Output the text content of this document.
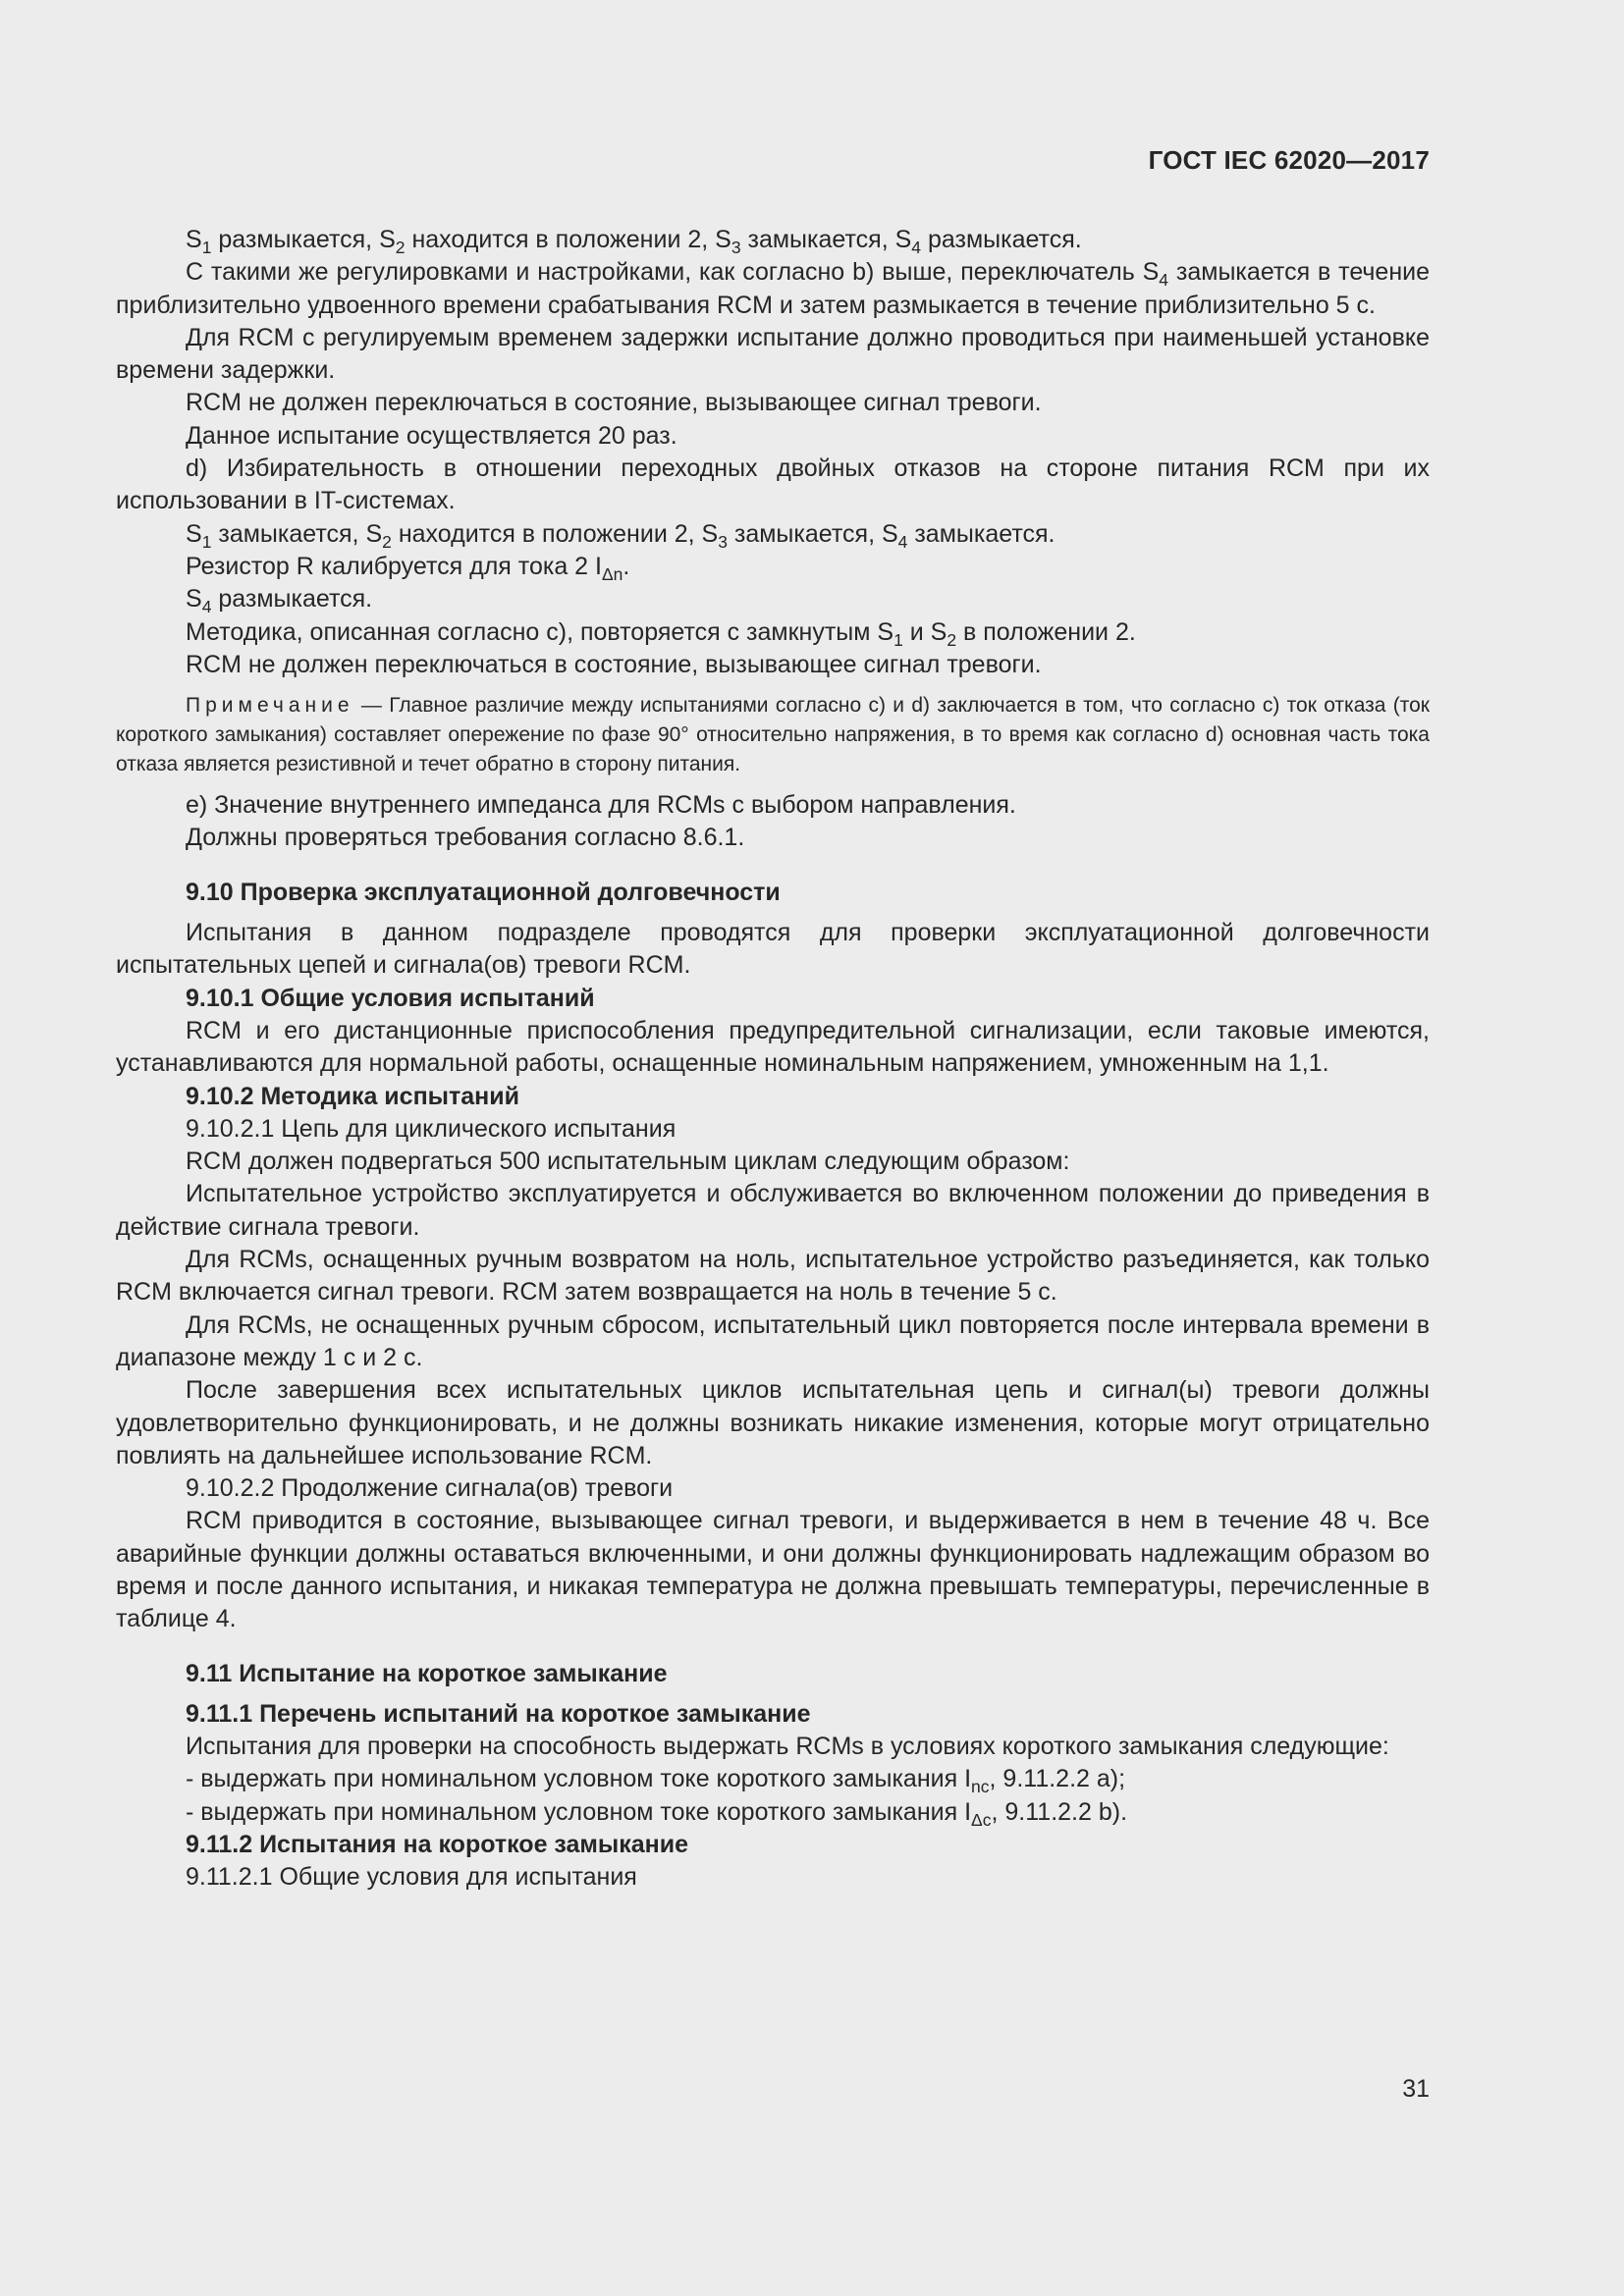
ГОСТ IEC 62020—2017

$S_1$ размыкается, $S_2$ находится в положении 2, $S_3$ замыкается, $S_4$ размыкается.

С такими же регулировками и настройками, как согласно b) выше, переключатель $S_4$ замыкается в течение приблизительно удвоенного времени срабатывания RCM и затем размыкается в течение приблизительно 5 с.

Для RCM с регулируемым временем задержки испытание должно проводиться при наименьшей установке времени задержки.

RCM не должен переключаться в состояние, вызывающее сигнал тревоги.

Данное испытание осуществляется 20 раз.

d) Избирательность в отношении переходных двойных отказов на стороне питания RCM при их использовании в IT-системах.

$S_1$ замыкается, $S_2$ находится в положении 2, $S_3$ замыкается, $S_4$ замыкается.

Резистор R калибруется для тока 2 $I_{\Delta n}$.

$S_4$ размыкается.

Методика, описанная согласно с), повторяется с замкнутым $S_1$ и $S_2$ в положении 2.

RCM не должен переключаться в состояние, вызывающее сигнал тревоги.

Примечание — Главное различие между испытаниями согласно с) и d) заключается в том, что согласно с) ток отказа (ток короткого замыкания) составляет опережение по фазе 90° относительно напряжения, в то время как согласно d) основная часть тока отказа является резистивной и течет обратно в сторону питания.

е) Значение внутреннего импеданса для RCMs с выбором направления.

Должны проверяться требования согласно 8.6.1.

9.10 Проверка эксплуатационной долговечности

Испытания в данном подразделе проводятся для проверки эксплуатационной долговечности испытательных цепей и сигнала(ов) тревоги RCM.

9.10.1 Общие условия испытаний

RCM и его дистанционные приспособления предупредительной сигнализации, если таковые имеются, устанавливаются для нормальной работы, оснащенные номинальным напряжением, умноженным на 1,1.

9.10.2 Методика испытаний

9.10.2.1 Цепь для циклического испытания

RCM должен подвергаться 500 испытательным циклам следующим образом:

Испытательное устройство эксплуатируется и обслуживается во включенном положении до приведения в действие сигнала тревоги.

Для RCMs, оснащенных ручным возвратом на ноль, испытательное устройство разъединяется, как только RCM включается сигнал тревоги. RCM затем возвращается на ноль в течение 5 с.

Для RCMs, не оснащенных ручным сбросом, испытательный цикл повторяется после интервала времени в диапазоне между 1 с и 2 с.

После завершения всех испытательных циклов испытательная цепь и сигнал(ы) тревоги должны удовлетворительно функционировать, и не должны возникать никакие изменения, которые могут отрицательно повлиять на дальнейшее использование RCM.

9.10.2.2 Продолжение сигнала(ов) тревоги

RCM приводится в состояние, вызывающее сигнал тревоги, и выдерживается в нем в течение 48 ч. Все аварийные функции должны оставаться включенными, и они должны функционировать надлежащим образом во время и после данного испытания, и никакая температура не должна превышать температуры, перечисленные в таблице 4.

9.11 Испытание на короткое замыкание

9.11.1 Перечень испытаний на короткое замыкание

Испытания для проверки на способность выдержать RCMs в условиях короткого замыкания следующие:

- выдержать при номинальном условном токе короткого замыкания $I_{nc}$, 9.11.2.2 a);

- выдержать при номинальном условном токе короткого замыкания $I_{\Delta c}$, 9.11.2.2 b).

9.11.2 Испытания на короткое замыкание

9.11.2.1 Общие условия для испытания

31
